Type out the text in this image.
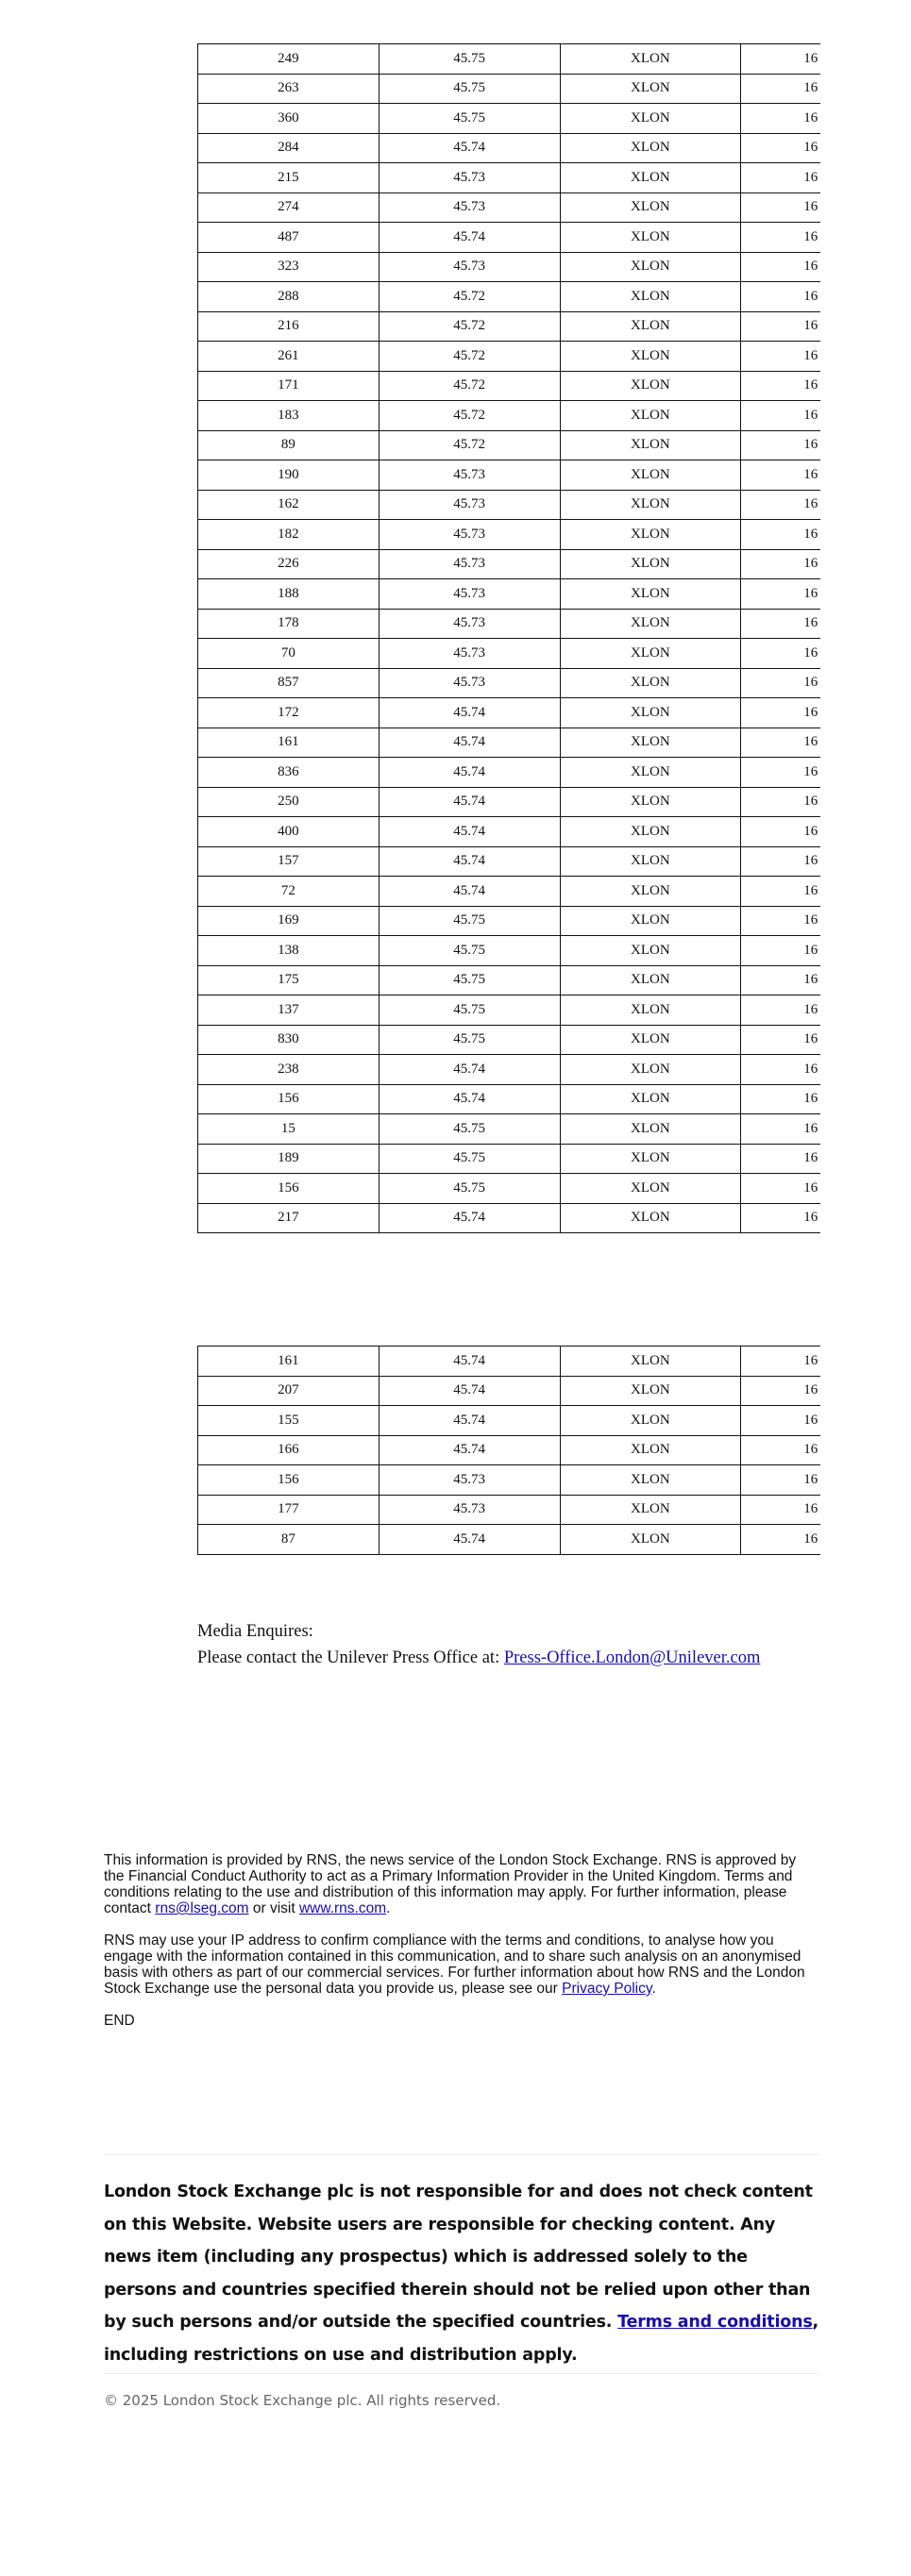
249	45.75	XLON	16
263	45.75	XLON	16
360	45.75	XLON	16
284	45.74	XLON	16
215	45.73	XLON	16
274	45.73	XLON	16
487	45.74	XLON	16
323	45.73	XLON	16
288	45.72	XLON	16
216	45.72	XLON	16
261	45.72	XLON	16
171	45.72	XLON	16
183	45.72	XLON	16
89	45.72	XLON	16
190	45.73	XLON	16
162	45.73	XLON	16
182	45.73	XLON	16
226	45.73	XLON	16
188	45.73	XLON	16
178	45.73	XLON	16
70	45.73	XLON	16
857	45.73	XLON	16
172	45.74	XLON	16
161	45.74	XLON	16
836	45.74	XLON	16
250	45.74	XLON	16
400	45.74	XLON	16
157	45.74	XLON	16
72	45.74	XLON	16
169	45.75	XLON	16
138	45.75	XLON	16
175	45.75	XLON	16
137	45.75	XLON	16
830	45.75	XLON	16
238	45.74	XLON	16
156	45.74	XLON	16
15	45.75	XLON	16
189	45.75	XLON	16
156	45.75	XLON	16
217	45.74	XLON	16
161	45.74	XLON	16
207	45.74	XLON	16
155	45.74	XLON	16
166	45.74	XLON	16
156	45.73	XLON	16
177	45.73	XLON	16
87	45.74	XLON	16
Media Enquires:
Please contact the Unilever Press Office at: Press-Office.London@Unilever.com

This information is provided by RNS, the news service of the London Stock Exchange. RNS is approved by the Financial Conduct Authority to act as a Primary Information Provider in the United Kingdom. Terms and conditions relating to the use and distribution of this information may apply. For further information, please contact rns@lseg.com or visit www.rns.com.

RNS may use your IP address to confirm compliance with the terms and conditions, to analyse how you engage with the information contained in this communication, and to share such analysis on an anonymised basis with others as part of our commercial services. For further information about how RNS and the London Stock Exchange use the personal data you provide us, please see our Privacy Policy.

END

London Stock Exchange plc is not responsible for and does not check content on this Website. Website users are responsible for checking content. Any news item (including any prospectus) which is addressed solely to the persons and countries specified therein should not be relied upon other than by such persons and/or outside the specified countries. Terms and conditions, including restrictions on use and distribution apply.
© 2025 London Stock Exchange plc. All rights reserved.
